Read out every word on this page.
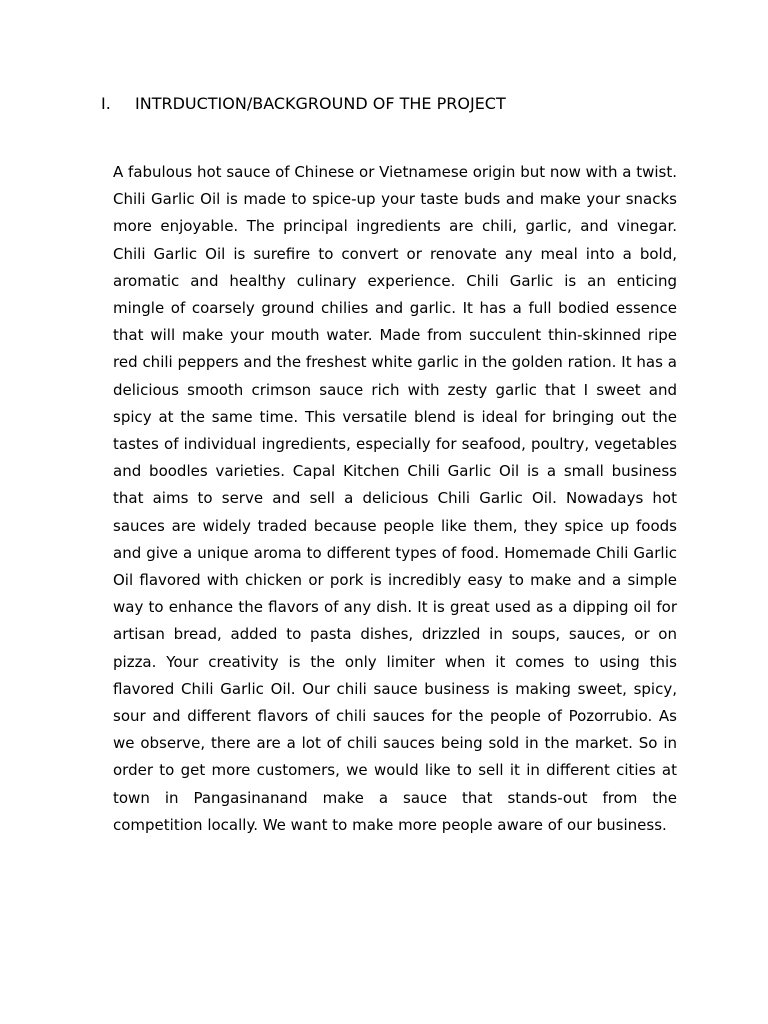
I. INTRDUCTION/BACKGROUND OF THE PROJECT

A fabulous hot sauce of Chinese or Vietnamese origin but now with a twist. Chili Garlic Oil is made to spice-up your taste buds and make your snacks more enjoyable. The principal ingredients are chili, garlic, and vinegar. Chili Garlic Oil is surefire to convert or renovate any meal into a bold, aromatic and healthy culinary experience. Chili Garlic is an enticing mingle of coarsely ground chilies and garlic. It has a full bodied essence that will make your mouth water. Made from succulent thin-skinned ripe red chili peppers and the freshest white garlic in the golden ration. It has a delicious smooth crimson sauce rich with zesty garlic that I sweet and spicy at the same time. This versatile blend is ideal for bringing out the tastes of individual ingredients, especially for seafood, poultry, vegetables and boodles varieties. Capal Kitchen Chili Garlic Oil is a small business that aims to serve and sell a delicious Chili Garlic Oil. Nowadays hot sauces are widely traded because people like them, they spice up foods and give a unique aroma to different types of food. Homemade Chili Garlic Oil flavored with chicken or pork is incredibly easy to make and a simple way to enhance the flavors of any dish. It is great used as a dipping oil for artisan bread, added to pasta dishes, drizzled in soups, sauces, or on pizza. Your creativity is the only limiter when it comes to using this flavored Chili Garlic Oil. Our chili sauce business is making sweet, spicy, sour and different flavors of chili sauces for the people of Pozorrubio. As we observe, there are a lot of chili sauces being sold in the market. So in order to get more customers, we would like to sell it in different cities at town in Pangasinanand make a sauce that stands-out from the competition locally. We want to make more people aware of our business.
